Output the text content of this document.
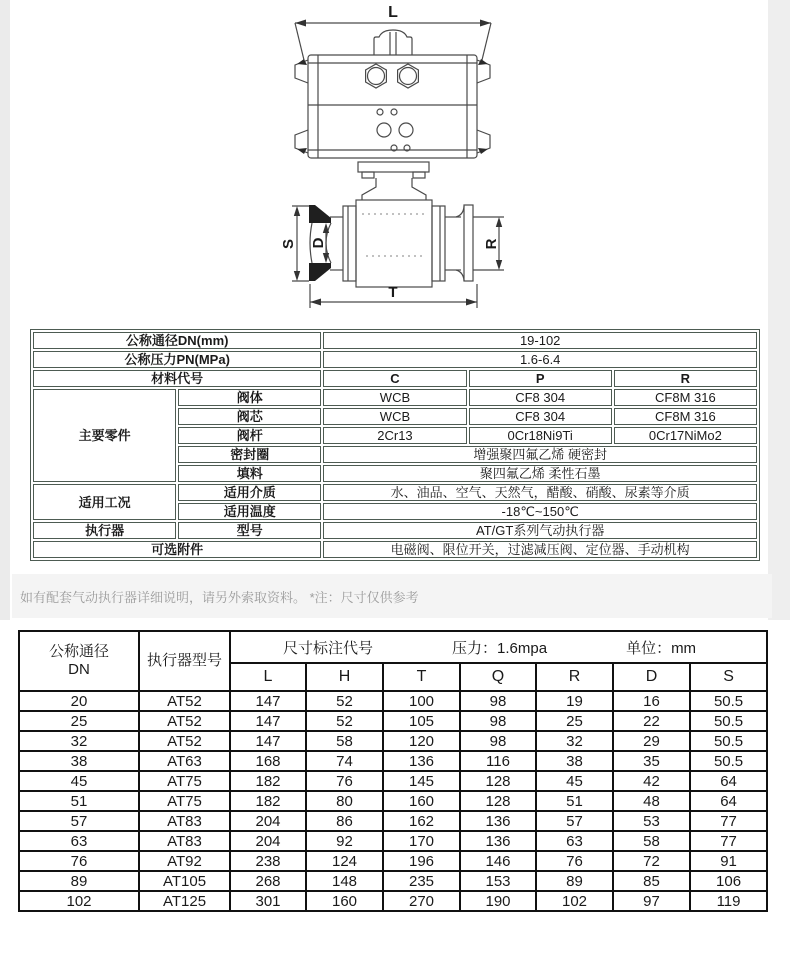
L
S D	R
T
公称通径DN(mm)		19-102		
公称压力PN(MPa)		1.6-6.4		
材料代号		C	P	R
主要零件	阀体	WCB	CF8 304	CF8M 316
	阀芯	WCB	CF8 304	CF8M 316
	阀杆	2Cr13	0Cr18Ni9Ti	0Cr17NiMo2
	密封圈	增强聚四氟乙烯 硬密封		
	填料	聚四氟乙烯 柔性石墨		
适用工况	适用介质	水、油品、空气、天然气，醋酸、硝酸、尿素等介质		
	适用温度	-18℃~150℃		
执行器	型号	AT/GT系列气动执行器		
可选附件		电磁阀、限位开关，过滤减压阀、定位器、手动机构		
如有配套气动执行器详细说明，请另外索取资料。 *注：尺寸仅供参考
公称通径
DN
	执行器型号	
尺寸标注代号	压力：1.6mpa	单位：mm

		L	H	T	Q	R	D	S
20	AT52	147	52	100	98	19	16	50.5
25	AT52	147	52	105	98	25	22	50.5
32	AT52	147	58	120	98	32	29	50.5
38	AT63	168	74	136	116	38	35	50.5
45	AT75	182	76	145	128	45	42	64
51	AT75	182	80	160	128	51	48	64
57	AT83	204	86	162	136	57	53	77
63	AT83	204	92	170	136	63	58	77
76	AT92	238	124	196	146	76	72	91
89	AT105	268	148	235	153	89	85	106
102	AT125	301	160	270	190	102	97	119
